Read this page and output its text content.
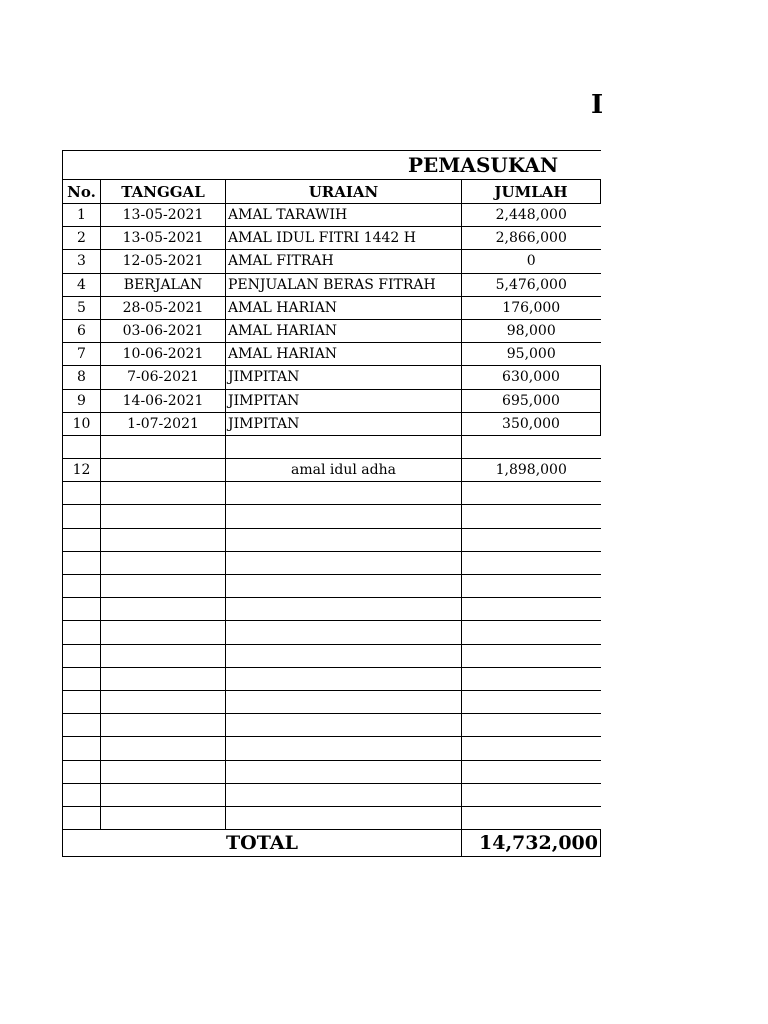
I
PEMASUKAN			
No.	TANGGAL	URAIAN	JUMLAH
1	13-05-2021	AMAL TARAWIH	2,448,000
2	13-05-2021	AMAL IDUL FITRI 1442 H	2,866,000
3	12-05-2021	AMAL FITRAH	0
4	BERJALAN	PENJUALAN BERAS FITRAH	5,476,000
5	28-05-2021	AMAL HARIAN	176,000
6	03-06-2021	AMAL HARIAN	98,000
7	10-06-2021	AMAL HARIAN	95,000
8	7-06-2021	JIMPITAN	630,000
9	14-06-2021	JIMPITAN	695,000
10	1-07-2021	JIMPITAN	350,000

12		amal idul adha	1,898,000

TOTAL			14,732,000
